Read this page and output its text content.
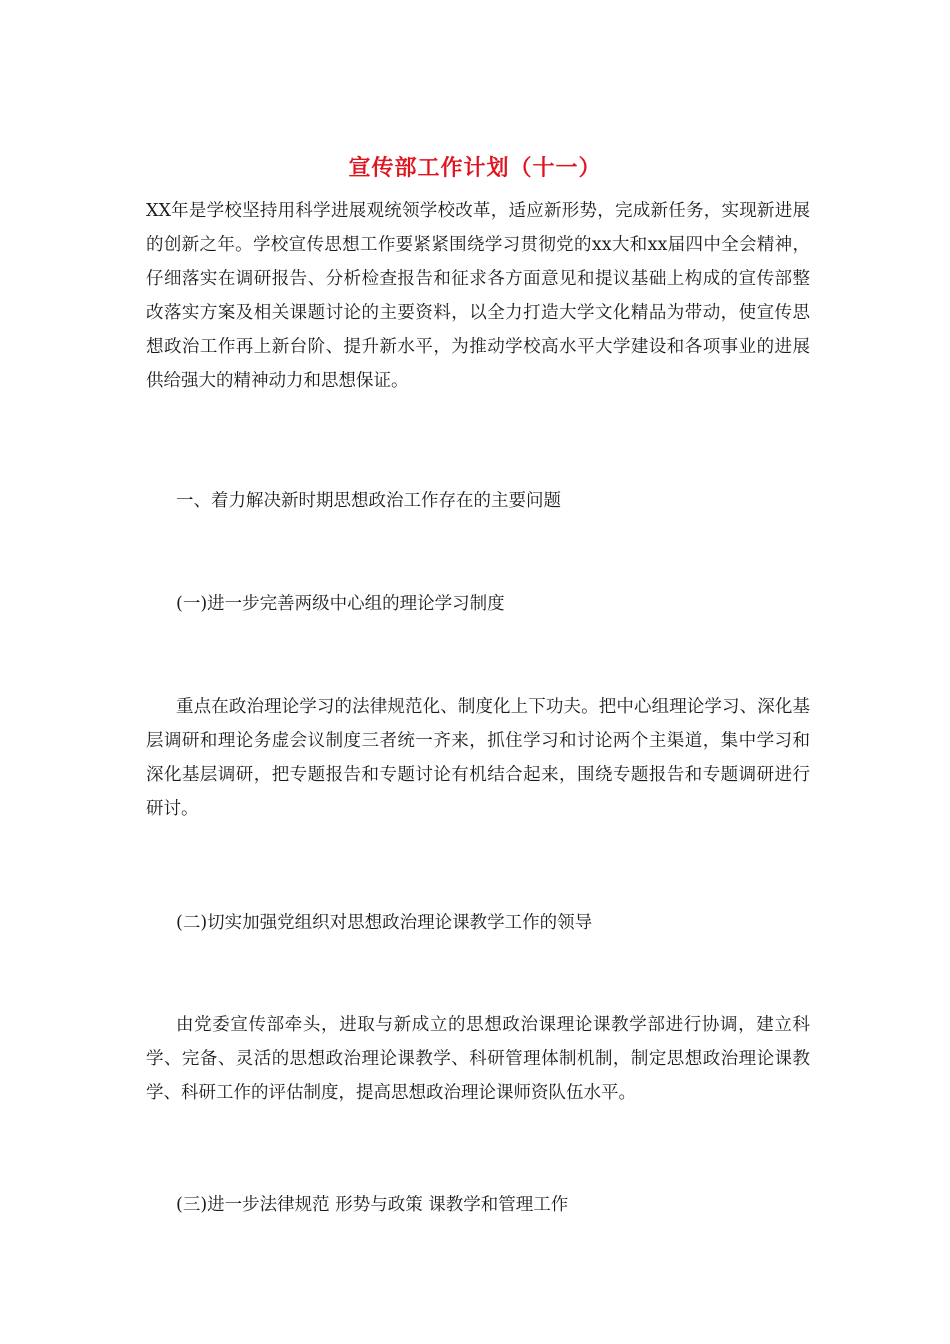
宣传部工作计划（十一）

XX年是学校坚持用科学进展观统领学校改革，适应新形势，完成新任务，实现新进展的创新之年。学校宣传思想工作要紧紧围绕学习贯彻党的xx大和xx届四中全会精神，仔细落实在调研报告、分析检查报告和征求各方面意见和提议基础上构成的宣传部整改落实方案及相关课题讨论的主要资料，以全力打造大学文化精品为带动，使宣传思想政治工作再上新台阶、提升新水平，为推动学校高水平大学建设和各项事业的进展供给强大的精神动力和思想保证。

一、着力解决新时期思想政治工作存在的主要问题

(一)进一步完善两级中心组的理论学习制度

重点在政治理论学习的法律规范化、制度化上下功夫。把中心组理论学习、深化基层调研和理论务虚会议制度三者统一齐来，抓住学习和讨论两个主渠道，集中学习和深化基层调研，把专题报告和专题讨论有机结合起来，围绕专题报告和专题调研进行研讨。

(二)切实加强党组织对思想政治理论课教学工作的领导

由党委宣传部牵头，进取与新成立的思想政治课理论课教学部进行协调，建立科学、完备、灵活的思想政治理论课教学、科研管理体制机制，制定思想政治理论课教学、科研工作的评估制度，提高思想政治理论课师资队伍水平。

(三)进一步法律规范 形势与政策 课教学和管理工作
